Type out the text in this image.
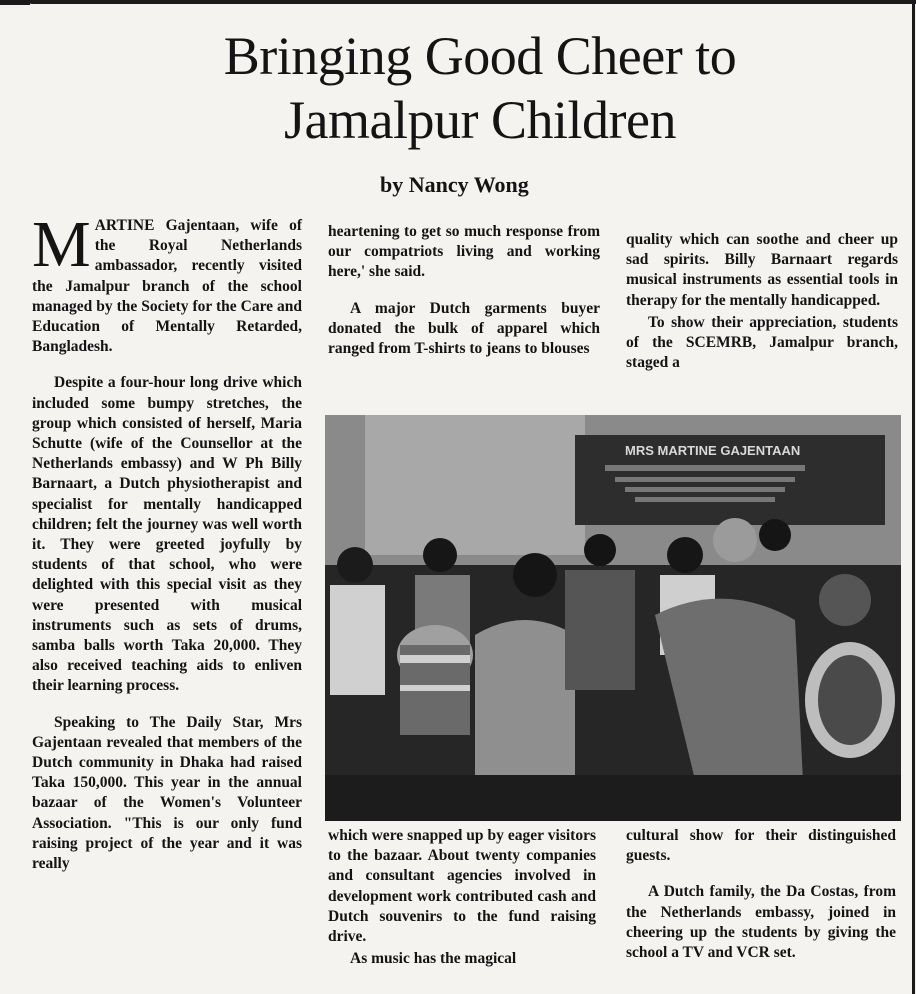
Bringing Good Cheer to
Jamalpur Children

by Nancy Wong

MARTINE Gajentaan, wife of the Royal Netherlands ambassador, recently visited the Jamalpur branch of the school managed by the Society for the Care and Education of Mentally Retarded, Bangladesh.

Despite a four-hour long drive which included some bumpy stretches, the group which consisted of herself, Maria Schutte (wife of the Counsellor at the Netherlands embassy) and W Ph Billy Barnaart, a Dutch physiotherapist and specialist for mentally handicapped children; felt the journey was well worth it. They were greeted joyfully by students of that school, who were delighted with this special visit as they were presented with musical instruments such as sets of drums, samba balls worth Taka 20,000. They also received teaching aids to enliven their learning process.

Speaking to The Daily Star, Mrs Gajentaan revealed that members of the Dutch community in Dhaka had raised Taka 150,000. This year in the annual bazaar of the Women's Volunteer Association. "This is our only fund raising project of the year and it was really

heartening to get so much response from our compatriots living and working here,' she said.

A major Dutch garments buyer donated the bulk of apparel which ranged from T-shirts to jeans to blouses

quality which can soothe and cheer up sad spirits. Billy Barnaart regards musical instruments as essential tools in therapy for the mentally handicapped.

To show their appreciation, students of the SCEMRB, Jamalpur branch, staged a

MRS MARTINE GAJENTAAN

which were snapped up by eager visitors to the bazaar. About twenty companies and consultant agencies involved in development work contributed cash and Dutch souvenirs to the fund raising drive.

As music has the magical

cultural show for their distinguished guests.

A Dutch family, the Da Costas, from the Netherlands embassy, joined in cheering up the students by giving the school a TV and VCR set.
